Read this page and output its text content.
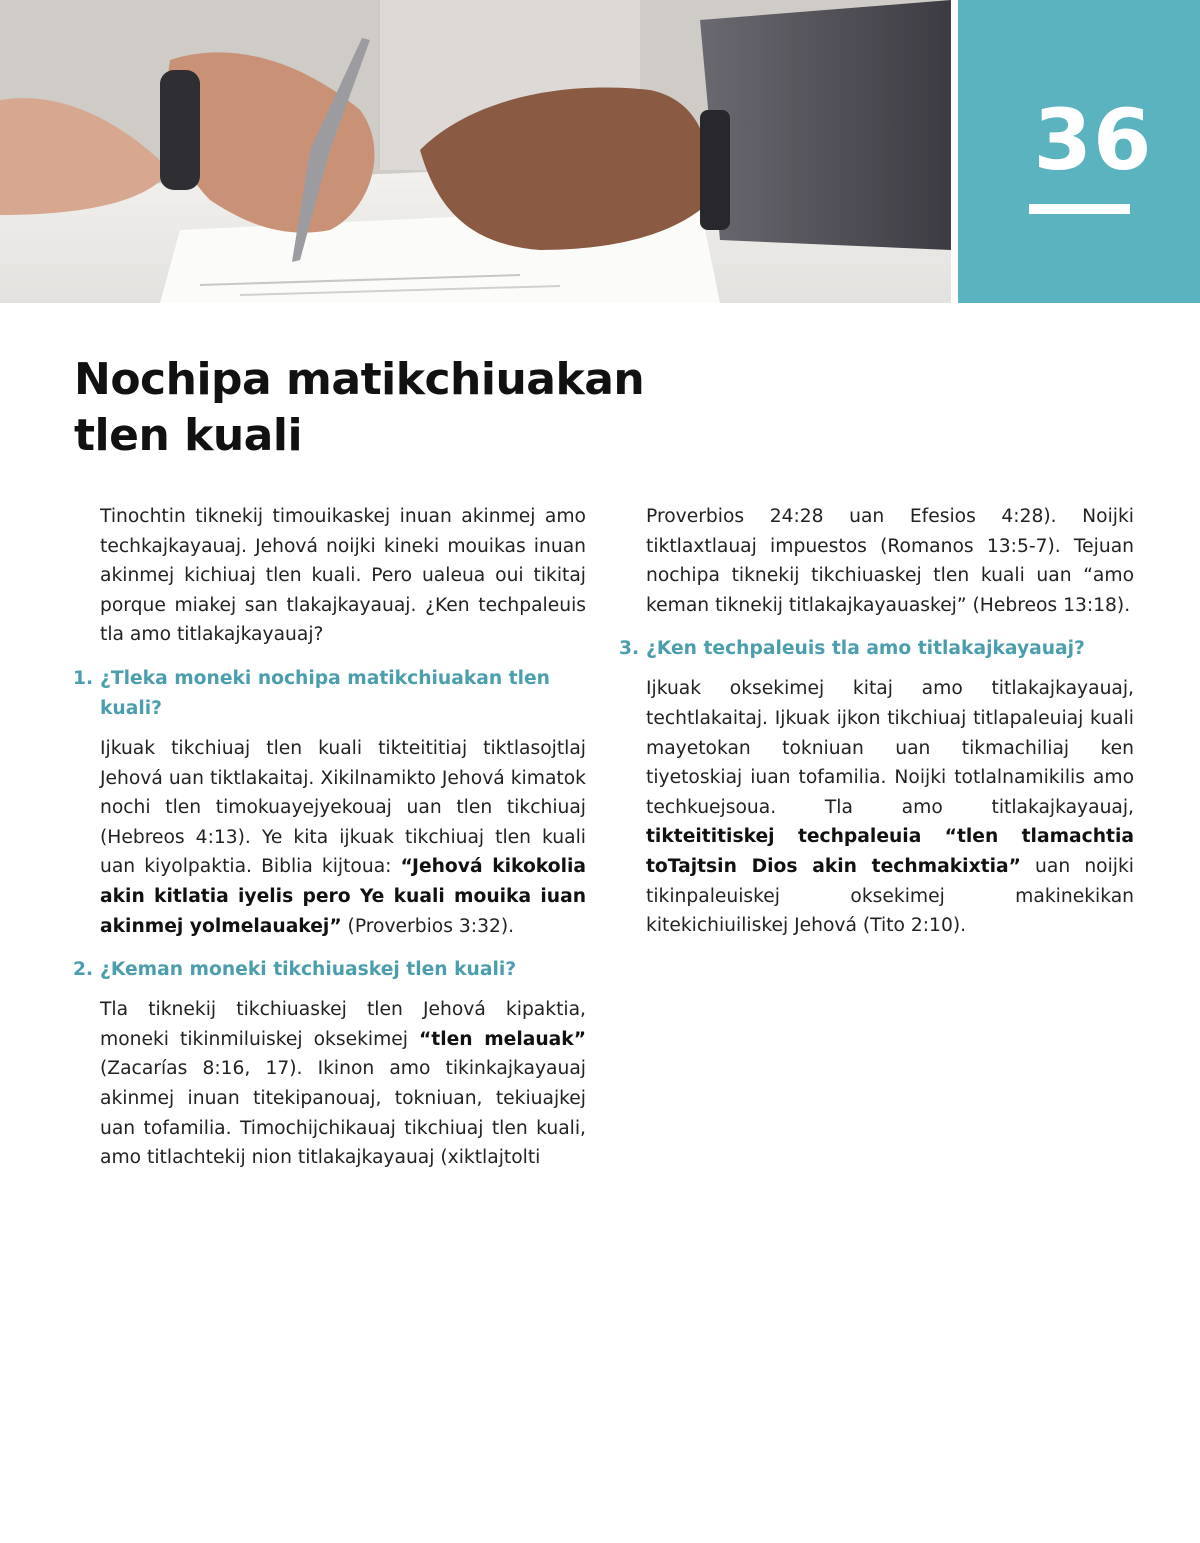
36
Nochipa matikchiuakan
tlen kuali

Tinochtin tiknekij timouikaskej inuan akinmej amo techkajkayauaj. Jehová noijki kineki mouikas inuan akinmej kichiuaj tlen kuali. Pero ualeua oui tikitaj porque miakej san tlakajkayauaj. ¿Ken techpaleuis tla amo titlakajkayauaj?

1. ¿Tleka moneki nochipa matikchiuakan tlen kuali?

Ijkuak tikchiuaj tlen kuali tikteititiaj tiktlasojtlaj Jehová uan tiktlakaitaj. Xikilnamikto Jehová kimatok nochi tlen timokuayejyekouaj uan tlen tikchiuaj (Hebreos 4:13). Ye kita ijkuak tikchiuaj tlen kuali uan kiyolpaktia. Biblia kijtoua: “Jehová kikokolia akin kitlatia iyelis pero Ye kuali mouika iuan akinmej yolmelauakej” (Proverbios 3:32).

2. ¿Keman moneki tikchiuaskej tlen kuali?

Tla tiknekij tikchiuaskej tlen Jehová kipaktia, moneki tikinmiluiskej oksekimej “tlen melauak” (Zacarías 8:16, 17). Ikinon amo tikinkajkayauaj akinmej inuan titekipanouaj, tokniuan, tekiuajkej uan tofamilia. Timochijchikauaj tikchiuaj tlen kuali, amo titlachtekij nion titlakajkayauaj (xiktlajtolti

Proverbios 24:28 uan Efesios 4:28). Noijki tiktlaxtlauaj impuestos (Romanos 13:5-7). Tejuan nochipa tiknekij tikchiuaskej tlen kuali uan “amo keman tiknekij titlakajkayauaskej” (Hebreos 13:18).

3. ¿Ken techpaleuis tla amo titlakajkayauaj?

Ijkuak oksekimej kitaj amo titlakajkayauaj, techtlakaitaj. Ijkuak ijkon tikchiuaj titlapaleuiaj kuali mayetokan tokniuan uan tikmachiliaj ken tiyetoskiaj iuan tofamilia. Noijki totlalnamikilis amo techkuejsoua. Tla amo titlakajkayauaj, tikteititiskej techpaleuia “tlen tlamachtia toTajtsin Dios akin techmakixtia” uan noijki tikinpaleuiskej oksekimej makinekikan kitekichiuiliskej Jehová (Tito 2:10).
